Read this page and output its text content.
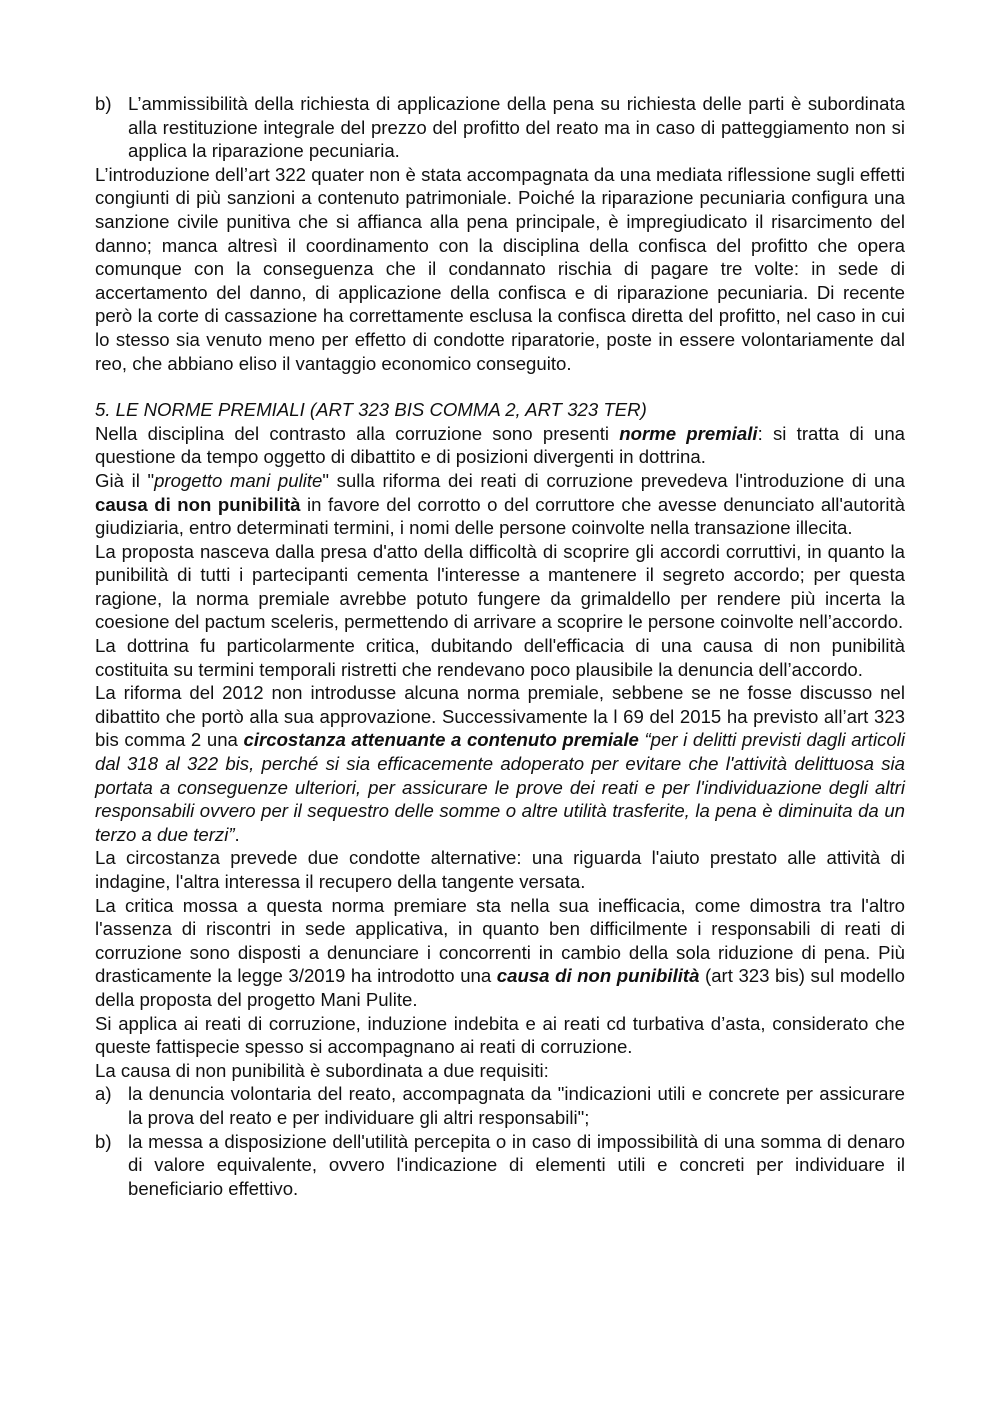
b) L’ammissibilità della richiesta di applicazione della pena su richiesta delle parti è subordinata alla restituzione integrale del prezzo del profitto del reato ma in caso di patteggiamento non si applica la riparazione pecuniaria.

L’introduzione dell’art 322 quater non è stata accompagnata da una mediata riflessione sugli effetti congiunti di più sanzioni a contenuto patrimoniale. Poiché la riparazione pecuniaria configura una sanzione civile punitiva che si affianca alla pena principale, è impregiudicato il risarcimento del danno; manca altresì il coordinamento con la disciplina della confisca del profitto che opera comunque con la conseguenza che il condannato rischia di pagare tre volte: in sede di accertamento del danno, di applicazione della confisca e di riparazione pecuniaria. Di recente però la corte di cassazione ha correttamente esclusa la confisca diretta del profitto, nel caso in cui lo stesso sia venuto meno per effetto di condotte riparatorie, poste in essere volontariamente dal reo, che abbiano eliso il vantaggio economico conseguito.

5. LE NORME PREMIALI (ART 323 BIS COMMA 2, ART 323 TER)

Nella disciplina del contrasto alla corruzione sono presenti norme premiali: si tratta di una questione da tempo oggetto di dibattito e di posizioni divergenti in dottrina.

Già il "progetto mani pulite" sulla riforma dei reati di corruzione prevedeva l'introduzione di una causa di non punibilità in favore del corrotto o del corruttore che avesse denunciato all'autorità giudiziaria, entro determinati termini, i nomi delle persone coinvolte nella transazione illecita.

La proposta nasceva dalla presa d'atto della difficoltà di scoprire gli accordi corruttivi, in quanto la punibilità di tutti i partecipanti cementa l'interesse a mantenere il segreto accordo; per questa ragione, la norma premiale avrebbe potuto fungere da grimaldello per rendere più incerta la coesione del pactum sceleris, permettendo di arrivare a scoprire le persone coinvolte nell’accordo.

La dottrina fu particolarmente critica, dubitando dell'efficacia di una causa di non punibilità costituita su termini temporali ristretti che rendevano poco plausibile la denuncia dell’accordo.

La riforma del 2012 non introdusse alcuna norma premiale, sebbene se ne fosse discusso nel dibattito che portò alla sua approvazione. Successivamente la l 69 del 2015 ha previsto all’art 323 bis comma 2 una circostanza attenuante a contenuto premiale “per i delitti previsti dagli articoli dal 318 al 322 bis, perché si sia efficacemente adoperato per evitare che l'attività delittuosa sia portata a conseguenze ulteriori, per assicurare le prove dei reati e per l'individuazione degli altri responsabili ovvero per il sequestro delle somme o altre utilità trasferite, la pena è diminuita da un terzo a due terzi”.

La circostanza prevede due condotte alternative: una riguarda l'aiuto prestato alle attività di indagine, l'altra interessa il recupero della tangente versata.

La critica mossa a questa norma premiare sta nella sua inefficacia, come dimostra tra l'altro l'assenza di riscontri in sede applicativa, in quanto ben difficilmente i responsabili di reati di corruzione sono disposti a denunciare i concorrenti in cambio della sola riduzione di pena. Più drasticamente la legge 3/2019 ha introdotto una causa di non punibilità (art 323 bis) sul modello della proposta del progetto Mani Pulite.

Si applica ai reati di corruzione, induzione indebita e ai reati cd turbativa d’asta, considerato che queste fattispecie spesso si accompagnano ai reati di corruzione.

La causa di non punibilità è subordinata a due requisiti:

a) la denuncia volontaria del reato, accompagnata da "indicazioni utili e concrete per assicurare la prova del reato e per individuare gli altri responsabili";
b) la messa a disposizione dell'utilità percepita o in caso di impossibilità di una somma di denaro di valore equivalente, ovvero l'indicazione di elementi utili e concreti per individuare il beneficiario effettivo.
